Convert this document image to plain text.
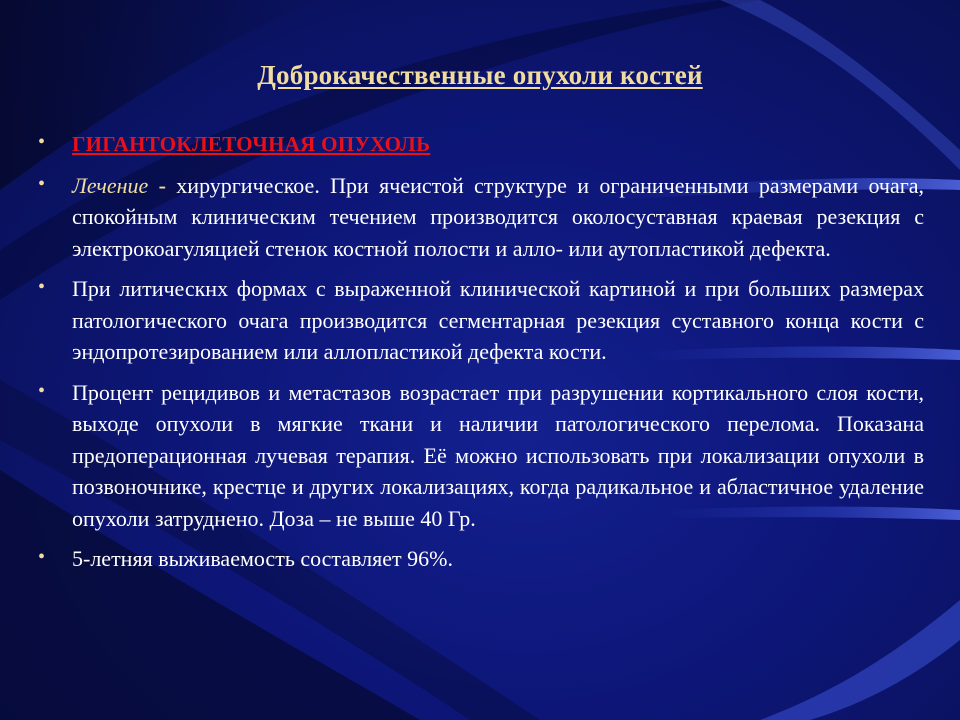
Доброкачественные опухоли костей
• ГИГАНТОКЛЕТОЧНАЯ ОПУХОЛЬ
• Лечение - хирургическое. При ячеистой структуре и ограниченными размерами очага, спокойным клиническим течением производится околосуставная краевая резекция с электрокоагуляцией стенок костной полости и алло- или аутопластикой дефекта.
• При литическнх формах с выраженной клинической картиной и при больших размерах патологического очага производится сегментарная резекция суставного конца кости с эндопротезированием или аллопластикой дефекта кости.
• Процент рецидивов и метастазов возрастает при разрушении кортикального слоя кости, выходе опухоли в мягкие ткани и наличии патологического перелома. Показана предоперационная лучевая терапия. Её можно использовать при локализации опухоли в позвоночнике, крестце и других локализациях, когда радикальное и абластичное удаление опухоли затруднено. Доза – не выше 40 Гр.
• 5-летняя выживаемость составляет 96%.
